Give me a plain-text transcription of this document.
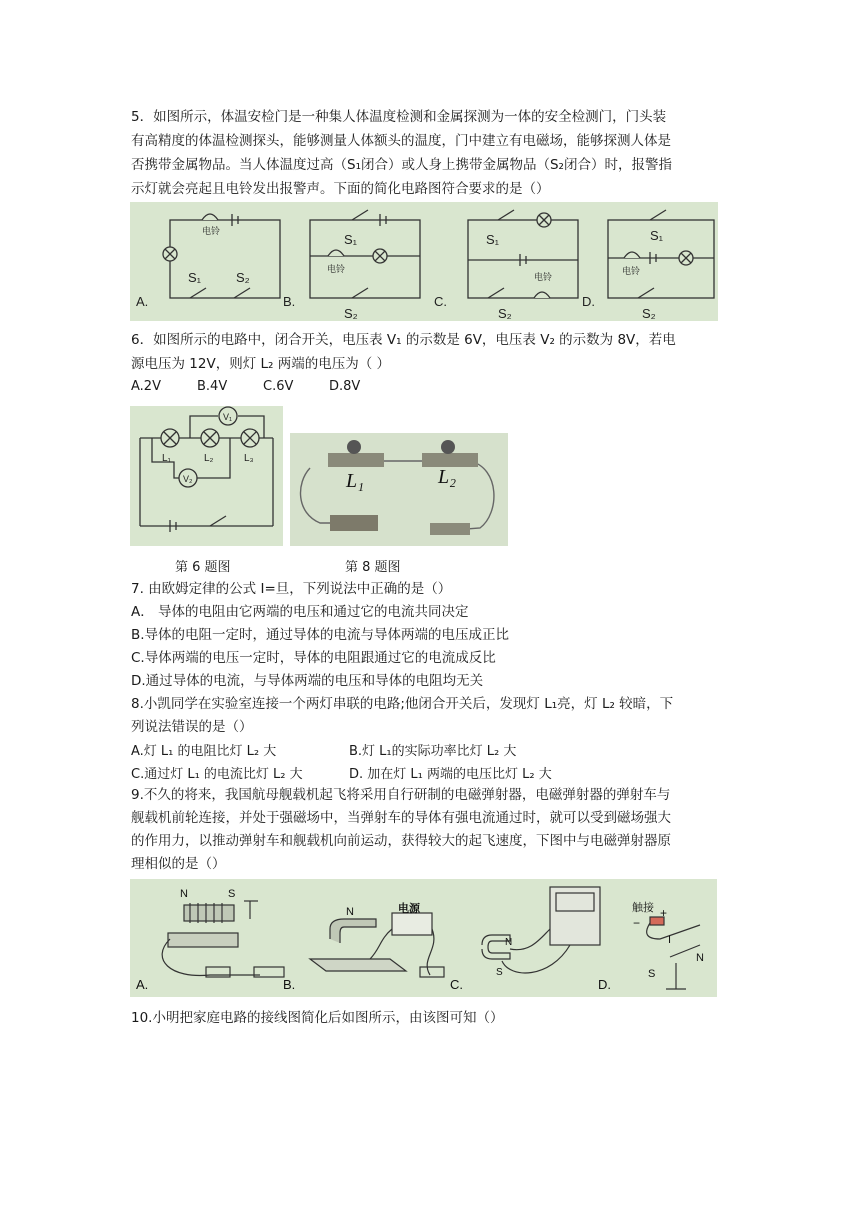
5．如图所示，体温安检门是一种集人体温度检测和金属探测为一体的安全检测门，门头装
有高精度的体温检测探头，能够测量人体额头的温度，门中建立有电磁场，能够探测人体是
否携带金属物品。当人体温度过高（S₁闭合）或人身上携带金属物品（S₂闭合）时，报警指
示灯就会亮起且电铃发出报警声。下面的简化电路图符合要求的是（）
电铃
S₁	S₂
A.
电铃
S₁
S₂
B.
电铃
S₁
S₂
C.
电铃
S₁
S₂
D.
6．如图所示的电路中，闭合开关，电压表 V₁ 的示数是 6V，电压表 V₂ 的示数为 8V，若电
源电压为 12V，则灯 L₂ 两端的电压为（ ）
A.2V	B.4V	C.6V	D.8V
V₁
V₂
L₁	L₂	L₃
L₁	L₂
第 6 题图	第 8 题图
7. 由欧姆定律的公式 I=旦，下列说法中正确的是（）
A． 导体的电阻由它两端的电压和通过它的电流共同决定
B.导体的电阻一定时，通过导体的电流与导体两端的电压成正比
C.导体两端的电压一定时，导体的电阻跟通过它的电流成反比
D.通过导体的电流，与导体两端的电压和导体的电阻均无关
8.小凯同学在实验室连接一个两灯串联的电路;他闭合开关后，发现灯 L₁亮，灯 L₂ 较暗，下
列说法错误的是（）
A.灯 L₁ 的电阻比灯 L₂ 大	B.灯 L₁的实际功率比灯 L₂ 大
C.通过灯 L₁ 的电流比灯 L₂ 大	D. 加在灯 L₁ 两端的电压比灯 L₂ 大
9.不久的将来，我国航母舰载机起飞将采用自行研制的电磁弹射器，电磁弹射器的弹射车与
舰载机前轮连接，并处于强磁场中，当弹射车的导体有强电流通过时，就可以受到磁场强大
的作用力，以推动弹射车和舰载机向前运动，获得较大的起飞速度，下图中与电磁弹射器原
理相似的是（）
N	S
A.
N	电源
B.
N
S
C.
触接
−
+
I
S
N
D.
10.小明把家庭电路的接线图简化后如图所示，由该图可知（）
